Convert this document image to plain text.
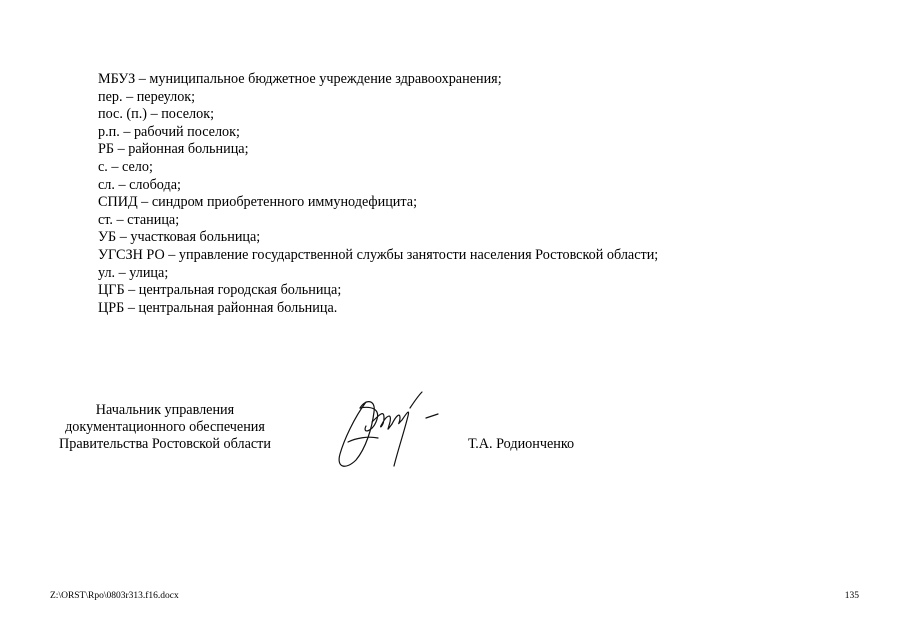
МБУЗ – муниципальное бюджетное учреждение здравоохранения;
пер. – переулок;
пос. (п.) – поселок;
р.п. – рабочий поселок;
РБ – районная больница;
с. – село;
сл. – слобода;
СПИД – синдром приобретенного иммунодефицита;
ст. – станица;
УБ – участковая больница;
УГСЗН РО – управление государственной службы занятости населения Ростовской области;
ул. – улица;
ЦГБ – центральная городская больница;
ЦРБ – центральная районная больница.
Начальник управления
документационного обеспечения
Правительства Ростовской области	Т.А. Родионченко
Z:\ORST\Rpo\0803r313.f16.docx	135
